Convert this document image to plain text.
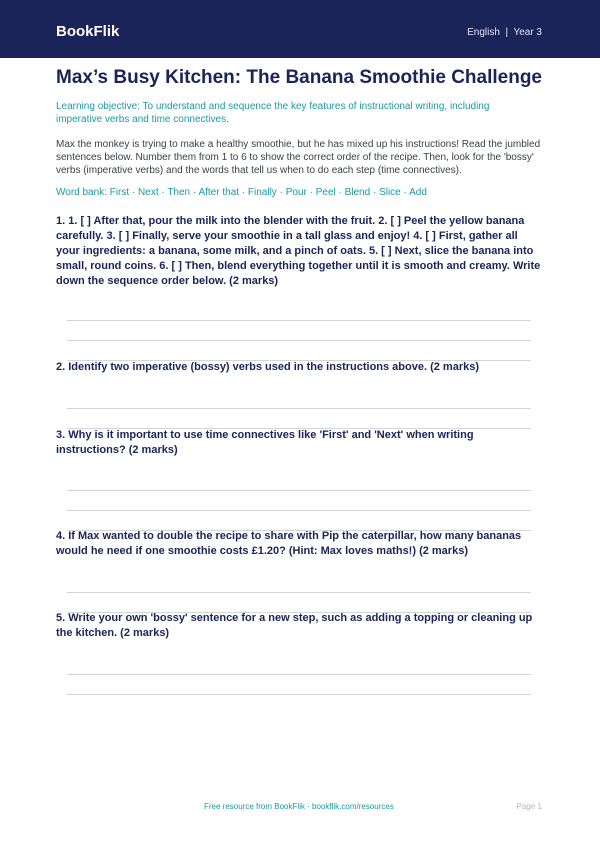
BookFlik	English  |  Year 3
Max’s Busy Kitchen: The Banana Smoothie Challenge

Learning objective: To understand and sequence the key features of instructional writing, including imperative verbs and time connectives.

Max the monkey is trying to make a healthy smoothie, but he has mixed up his instructions! Read the jumbled sentences below. Number them from 1 to 6 to show the correct order of the recipe. Then, look for the 'bossy' verbs (imperative verbs) and the words that tell us when to do each step (time connectives).

Word bank: First · Next · Then · After that · Finally · Pour · Peel · Blend · Slice · Add

1. 1. [ ] After that, pour the milk into the blender with the fruit. 2. [ ] Peel the yellow banana carefully. 3. [ ] Finally, serve your smoothie in a tall glass and enjoy! 4. [ ] First, gather all your ingredients: a banana, some milk, and a pinch of oats. 5. [ ] Next, slice the banana into small, round coins. 6. [ ] Then, blend everything together until it is smooth and creamy. Write down the sequence order below. (2 marks)

2. Identify two imperative (bossy) verbs used in the instructions above. (2 marks)

3. Why is it important to use time connectives like 'First' and 'Next' when writing instructions? (2 marks)

4. If Max wanted to double the recipe to share with Pip the caterpillar, how many bananas would he need if one smoothie costs £1.20? (Hint: Max loves maths!) (2 marks)

5. Write your own 'bossy' sentence for a new step, such as adding a topping or cleaning up the kitchen. (2 marks)

Free resource from BookFlik · bookflik.com/resources	Page 1
